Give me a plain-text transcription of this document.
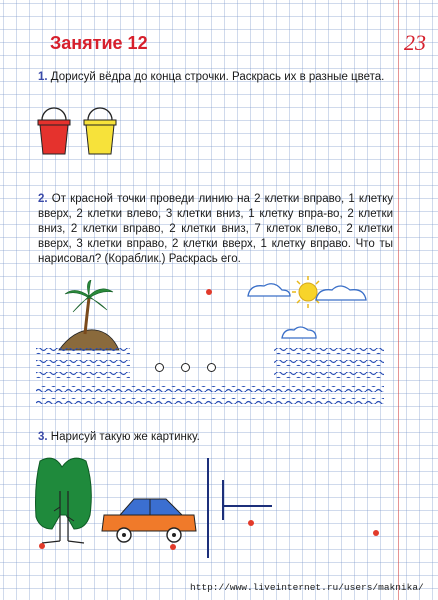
Занятие 12	23
1. Дорисуй вёдра до конца строчки. Раскрась их в разные цвета.
2. От красной точки проведи линию на 2 клетки вправо, 1 клетку вверх, 2 клетки влево, 3 клетки вниз, 1 клетку впра-во, 2 клетки вниз, 2 клетки вправо, 2 клетки вниз, 7 клеток влево, 2 клетки вверх, 3 клетки вправо, 2 клетки вверх, 1 клетку вправо. Что ты нарисовал? (Кораблик.) Раскрась его.
3. Нарисуй такую же картинку.
http://www.liveinternet.ru/users/maknika/
